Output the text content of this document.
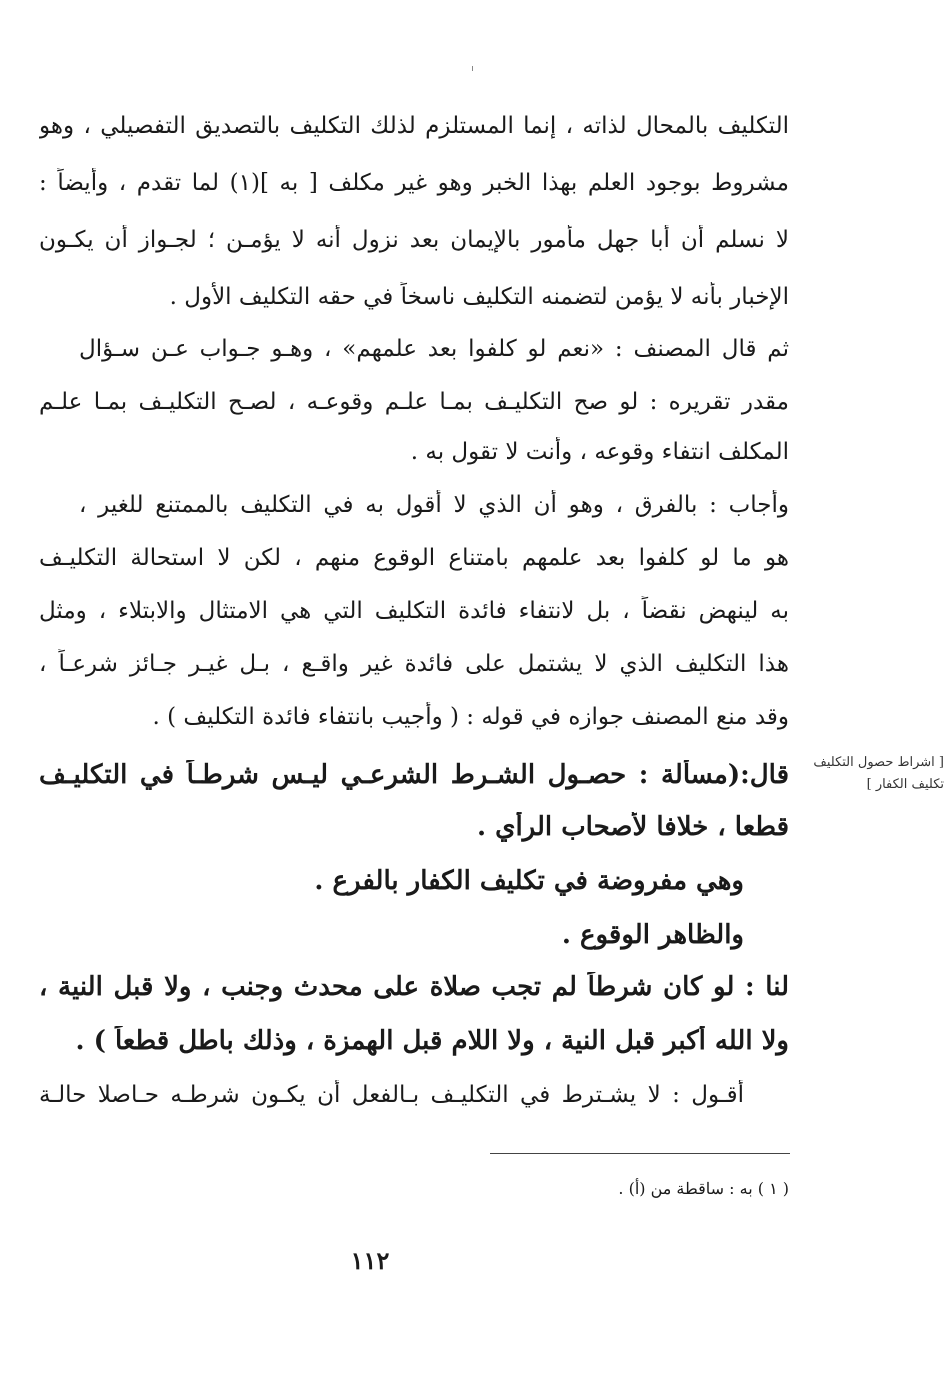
التكليف بالمحال لذاته ، إنما المستلزم لذلك التكليف بالتصديق التفصيلي ، وهو
مشروط بوجود العلم بهذا الخبر وهو غير مكلف [ به ](١) لما تقدم ، وأيضاً :
لا نسلم أن أبا جهل مأمور بالإيمان بعد نزول أنه لا يؤمـن ؛ لجـواز أن يكـون
الإخبار بأنه لا يؤمن لتضمنه التكليف ناسخاً في حقه التكليف الأول .
ثم قال المصنف : «نعم لو كلفوا بعد علمهم» ، وهـو جـواب عـن سـؤال
مقدر تقريره : لو صح التكليـف بمـا علـم وقوعـه ، لصـح التكليـف بمـا علـم
المكلف انتفاء وقوعه ، وأنت لا تقول به .
وأجاب : بالفرق ، وهو أن الذي لا أقول به في التكليف بالممتنع للغير ،
هو ما لو كلفوا بعد علمهم بامتناع الوقوع منهم ، لكن لا استحالة التكليـف
به لينهض نقضاً ، بل لانتفاء فائدة التكليف التي هي الامتثال والابتلاء ، ومثل
هذا التكليف الذي لا يشتمل على فائدة غير واقـع ، بـل غيـر جـائز شرعـاً ،
وقد منع المصنف جوازه في قوله : ( وأجيب بانتفاء فائدة التكليف ) .
[ اشراط حصول التكليف
تكليف الكفار ]
قال:(مسألة : حصـول الشـرط الشرعـي ليـس شرطـاً في التكليـف
قطعا ، خلافا لأصحاب الرأي .
وهي مفروضة في تكليف الكفار بالفرع .
والظاهر الوقوع .
لنا : لو كان شرطاً لم تجب صلاة على محدث وجنب ، ولا قبل النية ،
ولا الله أكبر قبل النية ، ولا اللام قبل الهمزة ، وذلك باطل قطعاً ) .
أقـول : لا يشـترط في التكليـف بـالفعل أن يكـون شرطـه حـاصلا حالـة
( ١ ) به : ساقطة من (أ) .
١١٢
